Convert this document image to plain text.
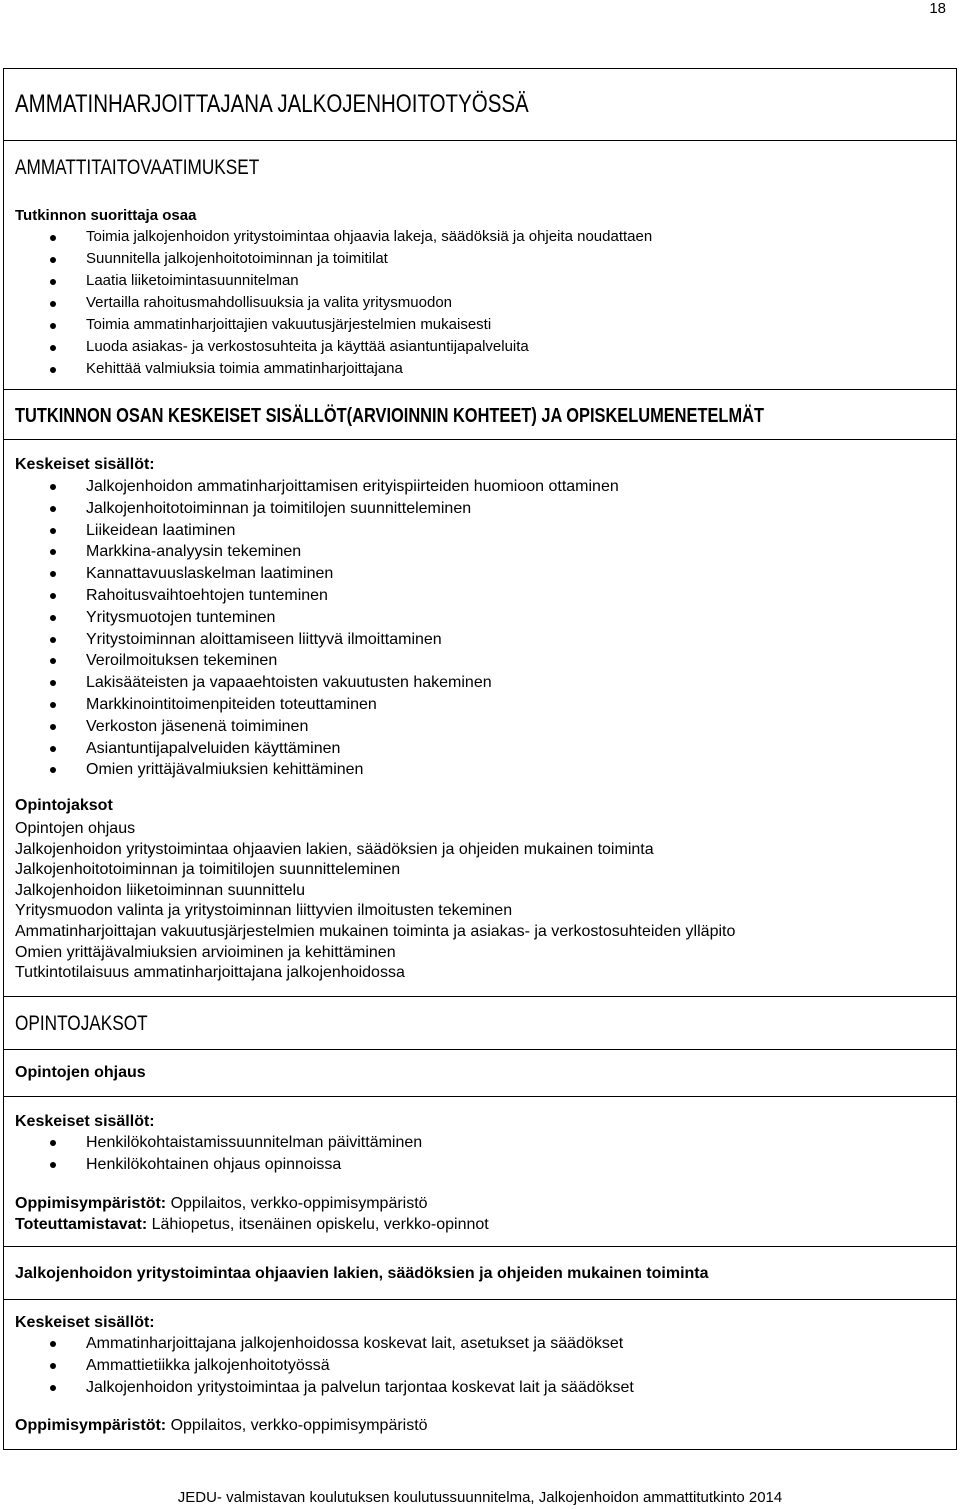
18
AMMATINHARJOITTAJANA JALKOJENHOITOTYÖSSÄ
AMMATTITAITOVAATIMUKSET
Tutkinnon suorittaja osaa
Toimia jalkojenhoidon yritystoimintaa ohjaavia lakeja, säädöksiä ja ohjeita noudattaen
Suunnitella jalkojenhoitotoiminnan ja toimitilat
Laatia liiketoimintasuunnitelman
Vertailla rahoitusmahdollisuuksia ja valita yritysmuodon
Toimia ammatinharjoittajien vakuutusjärjestelmien mukaisesti
Luoda asiakas- ja verkostosuhteita ja käyttää asiantuntijapalveluita
Kehittää valmiuksia toimia ammatinharjoittajana
TUTKINNON OSAN KESKEISET SISÄLLÖT(ARVIOINNIN KOHTEET) JA OPISKELUMENETELMÄT
Keskeiset sisällöt:
Jalkojenhoidon ammatinharjoittamisen erityispiirteiden huomioon ottaminen
Jalkojenhoitotoiminnan ja toimitilojen suunnitteleminen
Liikeidean laatiminen
Markkina-analyysin tekeminen
Kannattavuuslaskelman laatiminen
Rahoitusvaihtoehtojen tunteminen
Yritysmuotojen tunteminen
Yritystoiminnan aloittamiseen liittyvä ilmoittaminen
Veroilmoituksen tekeminen
Lakisääteisten ja vapaaehtoisten vakuutusten hakeminen
Markkinointitoimenpiteiden toteuttaminen
Verkoston jäsenenä toimiminen
Asiantuntijapalveluiden käyttäminen
Omien yrittäjävalmiuksien kehittäminen
Opintojaksot
Opintojen ohjaus
Jalkojenhoidon yritystoimintaa ohjaavien lakien, säädöksien ja ohjeiden mukainen toiminta
Jalkojenhoitotoiminnan ja toimitilojen suunnitteleminen
Jalkojenhoidon liiketoiminnan suunnittelu
Yritysmuodon valinta ja yritystoiminnan liittyvien ilmoitusten tekeminen
Ammatinharjoittajan vakuutusjärjestelmien mukainen toiminta ja asiakas- ja verkostosuhteiden ylläpito
Omien yrittäjävalmiuksien arvioiminen ja kehittäminen
Tutkintotilaisuus ammatinharjoittajana jalkojenhoidossa
OPINTOJAKSOT
Opintojen ohjaus
Keskeiset sisällöt:
Henkilökohtaistamissuunnitelman päivittäminen
Henkilökohtainen ohjaus opinnoissa
Oppimisympäristöt: Oppilaitos, verkko-oppimisympäristö
Toteuttamistavat: Lähiopetus, itsenäinen opiskelu, verkko-opinnot
Jalkojenhoidon yritystoimintaa ohjaavien lakien, säädöksien ja ohjeiden mukainen toiminta
Keskeiset sisällöt:
Ammatinharjoittajana jalkojenhoidossa koskevat lait, asetukset ja säädökset
Ammattietiikka jalkojenhoitotyössä
Jalkojenhoidon yritystoimintaa ja palvelun tarjontaa koskevat lait ja säädökset
Oppimisympäristöt: Oppilaitos, verkko-oppimisympäristö
JEDU- valmistavan koulutuksen koulutussuunnitelma, Jalkojenhoidon ammattitutkinto 2014
